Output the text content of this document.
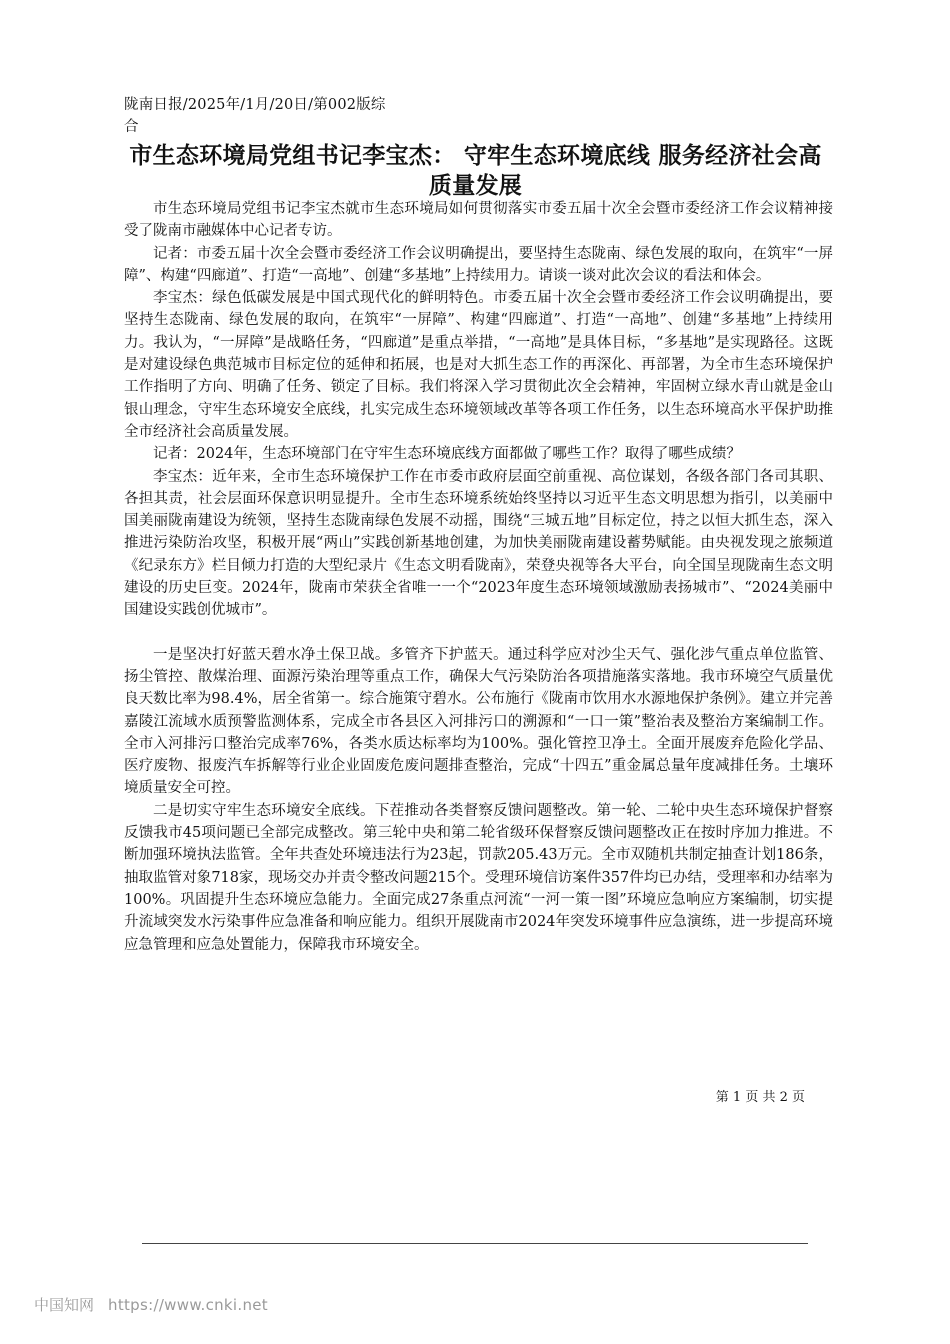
陇南日报/2025年/1月/20日/第002版综合
市生态环境局党组书记李宝杰： 守牢生态环境底线 服务经济社会高质量发展

市生态环境局党组书记李宝杰就市生态环境局如何贯彻落实市委五届十次全会暨市委经济工作会议精神接受了陇南市融媒体中心记者专访。

记者：市委五届十次全会暨市委经济工作会议明确提出，要坚持生态陇南、绿色发展的取向，在筑牢“一屏障”、构建“四廊道”、打造“一高地”、创建“多基地”上持续用力。请谈一谈对此次会议的看法和体会。

李宝杰：绿色低碳发展是中国式现代化的鲜明特色。市委五届十次全会暨市委经济工作会议明确提出，要坚持生态陇南、绿色发展的取向，在筑牢“一屏障”、构建“四廊道”、打造“一高地”、创建“多基地”上持续用力。我认为，“一屏障”是战略任务，“四廊道”是重点举措，“一高地”是具体目标，“多基地”是实现路径。这既是对建设绿色典范城市目标定位的延伸和拓展，也是对大抓生态工作的再深化、再部署，为全市生态环境保护工作指明了方向、明确了任务、锁定了目标。我们将深入学习贯彻此次全会精神，牢固树立绿水青山就是金山银山理念，守牢生态环境安全底线，扎实完成生态环境领域改革等各项工作任务，以生态环境高水平保护助推全市经济社会高质量发展。

记者：2024年，生态环境部门在守牢生态环境底线方面都做了哪些工作？取得了哪些成绩？

李宝杰：近年来，全市生态环境保护工作在市委市政府层面空前重视、高位谋划，各级各部门各司其职、各担其责，社会层面环保意识明显提升。全市生态环境系统始终坚持以习近平生态文明思想为指引，以美丽中国美丽陇南建设为统领，坚持生态陇南绿色发展不动摇，围绕“三城五地”目标定位，持之以恒大抓生态，深入推进污染防治攻坚，积极开展“两山”实践创新基地创建，为加快美丽陇南建设蓄势赋能。由央视发现之旅频道《纪录东方》栏目倾力打造的大型纪录片《生态文明看陇南》，荣登央视等各大平台，向全国呈现陇南生态文明建设的历史巨变。2024年，陇南市荣获全省唯一一个“2023年度生态环境领域激励表扬城市”、“2024美丽中国建设实践创优城市”。

一是坚决打好蓝天碧水净土保卫战。多管齐下护蓝天。通过科学应对沙尘天气、强化涉气重点单位监管、扬尘管控、散煤治理、面源污染治理等重点工作，确保大气污染防治各项措施落实落地。我市环境空气质量优良天数比率为98.4%，居全省第一。综合施策守碧水。公布施行《陇南市饮用水水源地保护条例》。建立并完善嘉陵江流域水质预警监测体系，完成全市各县区入河排污口的溯源和“一口一策”整治表及整治方案编制工作。全市入河排污口整治完成率76%，各类水质达标率均为100%。强化管控卫净土。全面开展废弃危险化学品、医疗废物、报废汽车拆解等行业企业固废危废问题排查整治，完成“十四五”重金属总量年度减排任务。土壤环境质量安全可控。

二是切实守牢生态环境安全底线。下茬推动各类督察反馈问题整改。第一轮、二轮中央生态环境保护督察反馈我市45项问题已全部完成整改。第三轮中央和第二轮省级环保督察反馈问题整改正在按时序加力推进。不断加强环境执法监管。全年共查处环境违法行为23起，罚款205.43万元。全市双随机共制定抽查计划186条，抽取监管对象718家，现场交办并责令整改问题215个。受理环境信访案件357件均已办结，受理率和办结率为100%。巩固提升生态环境应急能力。全面完成27条重点河流“一河一策一图”环境应急响应方案编制，切实提升流域突发水污染事件应急准备和响应能力。组织开展陇南市2024年突发环境事件应急演练，进一步提高环境应急管理和应急处置能力，保障我市环境安全。

第 1 页 共 2 页
中国知网 https://www.cnki.net
